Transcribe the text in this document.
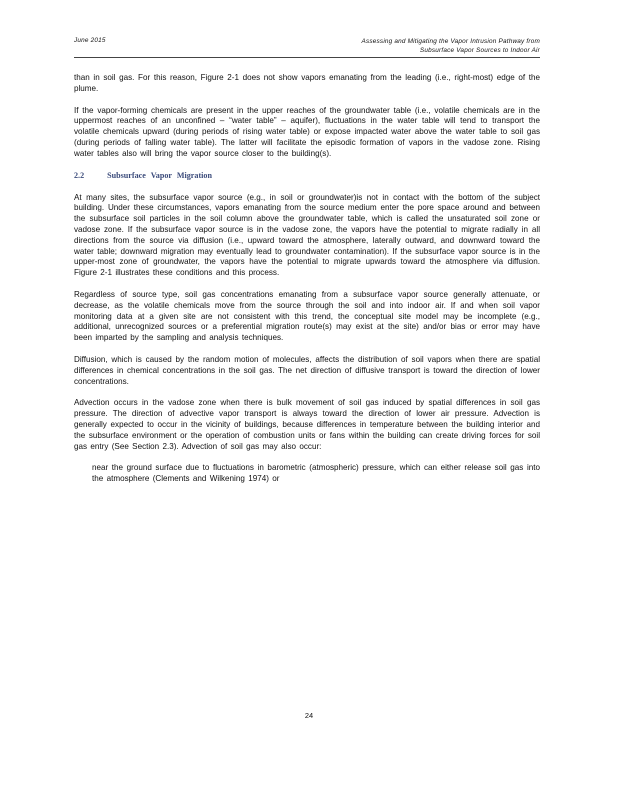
June 2015	Assessing and Mitigating the Vapor Intrusion Pathway from
Subsurface Vapor Sources to Indoor Air

than in soil gas. For this reason, Figure 2-1 does not show vapors emanating from the leading (i.e., right-most) edge of the plume.

If the vapor-forming chemicals are present in the upper reaches of the groundwater table (i.e., volatile chemicals are in the uppermost reaches of an unconfined – “water table” – aquifer), fluctuations in the water table will tend to transport the volatile chemicals upward (during periods of rising water table) or expose impacted water above the water table to soil gas (during periods of falling water table). The latter will facilitate the episodic formation of vapors in the vadose zone. Rising water tables also will bring the vapor source closer to the building(s).

2.2	Subsurface Vapor Migration

At many sites, the subsurface vapor source (e.g., in soil or groundwater)is not in contact with the bottom of the subject building. Under these circumstances, vapors emanating from the source medium enter the pore space around and between the subsurface soil particles in the soil column above the groundwater table, which is called the unsaturated soil zone or vadose zone. If the subsurface vapor source is in the vadose zone, the vapors have the potential to migrate radially in all directions from the source via diffusion (i.e., upward toward the atmosphere, laterally outward, and downward toward the water table; downward migration may eventually lead to groundwater contamination). If the subsurface vapor source is in the upper-most zone of groundwater, the vapors have the potential to migrate upwards toward the atmosphere via diffusion. Figure 2-1 illustrates these conditions and this process.

Regardless of source type, soil gas concentrations emanating from a subsurface vapor source generally attenuate, or decrease, as the volatile chemicals move from the source through the soil and into indoor air. If and when soil vapor monitoring data at a given site are not consistent with this trend, the conceptual site model may be incomplete (e.g., additional, unrecognized sources or a preferential migration route(s) may exist at the site) and/or bias or error may have been imparted by the sampling and analysis techniques.

Diffusion, which is caused by the random motion of molecules, affects the distribution of soil vapors when there are spatial differences in chemical concentrations in the soil gas. The net direction of diffusive transport is toward the direction of lower concentrations.

Advection occurs in the vadose zone when there is bulk movement of soil gas induced by spatial differences in soil gas pressure. The direction of advective vapor transport is always toward the direction of lower air pressure. Advection is generally expected to occur in the vicinity of buildings, because differences in temperature between the building interior and the subsurface environment or the operation of combustion units or fans within the building can create driving forces for soil gas entry (See Section 2.3). Advection of soil gas may also occur:

near the ground surface due to fluctuations in barometric (atmospheric) pressure, which can either release soil gas into the atmosphere (Clements and Wilkening 1974) or
24
